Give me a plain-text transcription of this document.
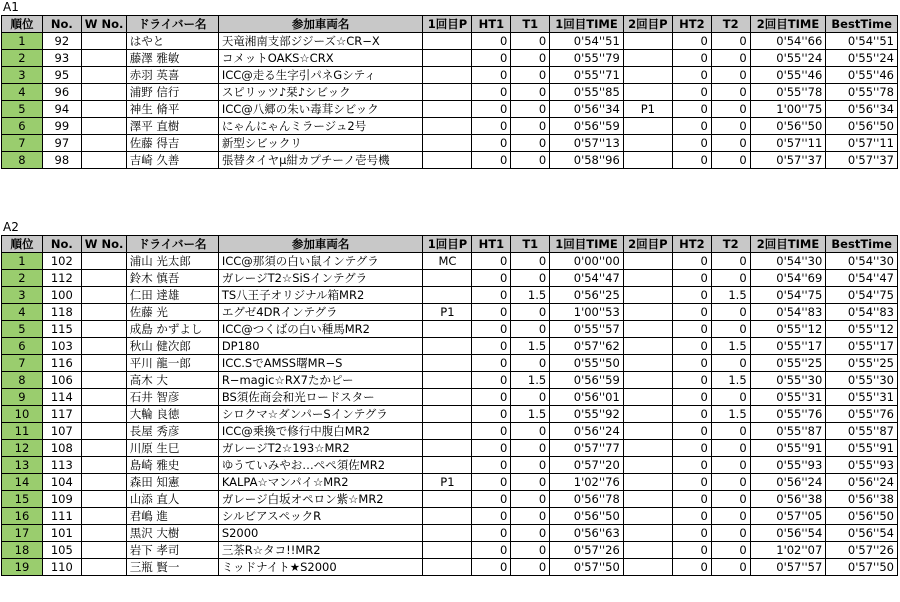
A1
順位	No.	W No.	ドライバー名	参加車両名	1回目P	HT1	T1	1回目TIME	2回目P	HT2	T2	2回目TIME	BestTime
1	92		はやと	天竜湘南支部ジジーズ☆CR−X		0	0	0'54''51		0	0	0'54''66	0'54''51
2	93		藤澤 雅敏	コメットOAKS☆CRX		0	0	0'55''79		0	0	0'55''24	0'55''24
3	95		赤羽 英喜	ICC@走る生字引パネGシティ		0	0	0'55''71		0	0	0'55''46	0'55''46
4	96		浦野 信行	スピリッツ♪栞♪シビック		0	0	0'55''85		0	0	0'55''78	0'55''78
5	94		神生 脩平	ICC@八郷の朱い毒茸シビック		0	0	0'56''34	P1	0	0	1'00''75	0'56''34
6	99		澤平 直樹	にゃんにゃんミラージュ2号		0	0	0'56''59		0	0	0'56''50	0'56''50
7	97		佐藤 得吉	新型シビックリ		0	0	0'57''13		0	0	0'57''11	0'57''11
8	98		吉崎 久善	張替タイヤμ紺カプチーノ壱号機		0	0	0'58''96		0	0	0'57''37	0'57''37
A2
順位	No.	W No.	ドライバー名	参加車両名	1回目P	HT1	T1	1回目TIME	2回目P	HT2	T2	2回目TIME	BestTime
1	102		浦山 光太郎	ICC@那須の白い鼠インテグラ	MC	0	0	0'00''00		0	0	0'54''30	0'54''30
2	112		鈴木 慎吾	ガレージT2☆SiSインテグラ		0	0	0'54''47		0	0	0'54''69	0'54''47
3	100		仁田 達雄	TS八王子オリジナル箱MR2		0	1.5	0'56''25		0	1.5	0'54''75	0'54''75
4	118		佐藤 光	エグゼ4DRインテグラ	P1	0	0	1'00''53		0	0	0'54''83	0'54''83
5	115		成島 かずよし	ICC@つくばの白い種馬MR2		0	0	0'55''57		0	0	0'55''12	0'55''12
6	103		秋山 健次郎	DP180		0	1.5	0'57''62		0	1.5	0'55''17	0'55''17
7	116		平川 龍一郎	ICC.SでAMSS曙MR−S		0	0	0'55''50		0	0	0'55''25	0'55''25
8	106		高木 大	R−magic☆RX7たかピー		0	1.5	0'56''59		0	1.5	0'55''30	0'55''30
9	114		石井 智彦	BS須佐商会和光ロードスター		0	0	0'56''01		0	0	0'55''31	0'55''31
10	117		大輪 良徳	シロクマ☆ダンパーSインテグラ		0	1.5	0'55''92		0	1.5	0'55''76	0'55''76
11	107		長屋 秀彦	ICC@乗換で修行中腹白MR2		0	0	0'56''24		0	0	0'55''87	0'55''87
12	108		川原 生巳	ガレージT2☆193☆MR2		0	0	0'57''77		0	0	0'55''91	0'55''91
13	113		島崎 雅史	ゆうていみやお…ぺぺ須佐MR2		0	0	0'57''20		0	0	0'55''93	0'55''93
14	104		森田 知憲	KALPA☆マンパイ☆MR2	P1	0	0	1'02''76		0	0	0'56''24	0'56''24
15	109		山添 直人	ガレージ白坂オペロン紫☆MR2		0	0	0'56''78		0	0	0'56''38	0'56''38
16	111		君嶋 進	シルビアスペックR		0	0	0'56''50		0	0	0'57''05	0'56''50
17	101		黒沢 大樹	S2000		0	0	0'56''63		0	0	0'56''54	0'56''54
18	105		岩下 孝司	三茶R☆タコ!!MR2		0	0	0'57''26		0	0	1'02''07	0'57''26
19	110		三瓶 賢一	ミッドナイト★S2000		0	0	0'57''50		0	0	0'57''57	0'57''50
